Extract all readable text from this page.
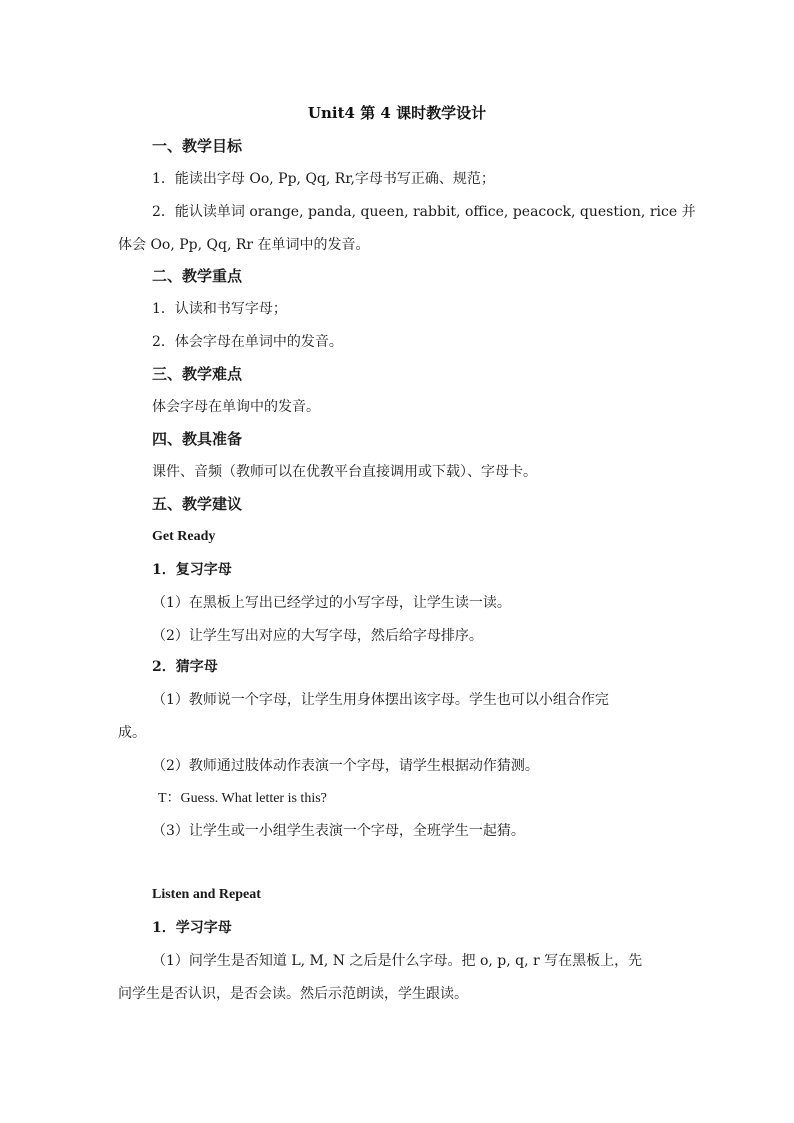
Unit4 第 4 课时教学设计
一、教学目标
1．能读出字母 Oo, Pp, Qq, Rr,字母书写正确、规范；
2．能认读单词 orange, panda, queen, rabbit, office, peacock, question, rice 并
体会 Oo, Pp, Qq, Rr 在单词中的发音。
二、教学重点
1．认读和书写字母；
2．体会字母在单词中的发音。
三、教学难点
体会字母在单询中的发音。
四、教具准备
课件、音频（教师可以在优教平台直接调用或下载）、字母卡。
五、教学建议
Get Ready
1．复习字母
（1）在黑板上写出已经学过的小写字母，让学生读一读。
（2）让学生写出对应的大写字母，然后给字母排序。
2．猜字母
（1）教师说一个字母，让学生用身体摆出该字母。学生也可以小组合作完
成。
（2）教师通过肢体动作表演一个字母，请学生根据动作猜测。
T：Guess. What letter is this?
（3）让学生或一小组学生表演一个字母，全班学生一起猜。
Listen and Repeat
1．学习字母
（1）问学生是否知道 L, M, N 之后是什么字母。把 o, p, q, r 写在黑板上，先
问学生是否认识，是否会读。然后示范朗读，学生跟读。
